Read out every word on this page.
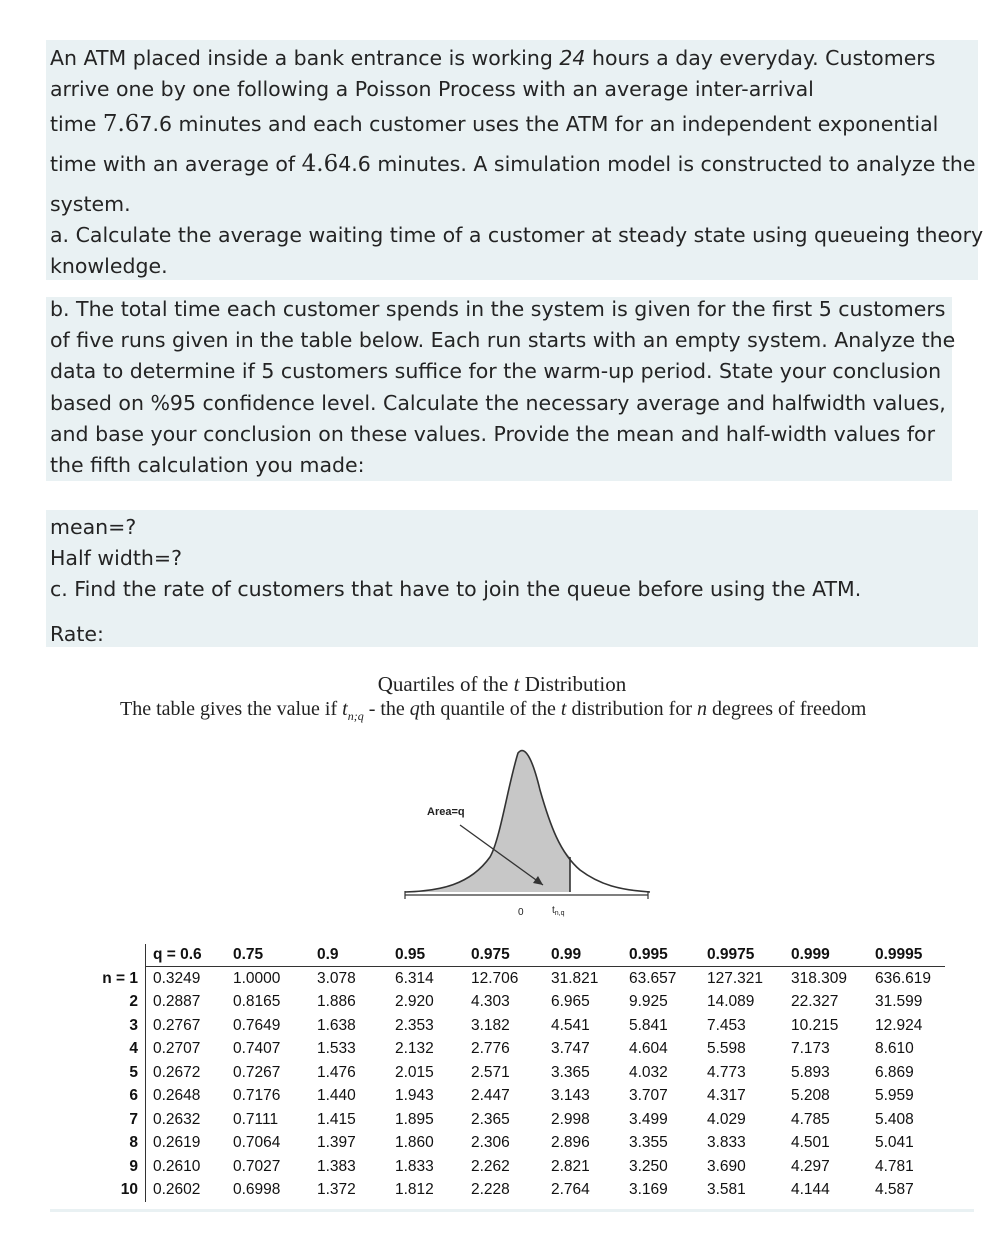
An ATM placed inside a bank entrance is working 24 hours a day everyday. Customers
arrive one by one following a Poisson Process with an average inter-arrival
time 7.67.6 minutes and each customer uses the ATM for an independent exponential
time with an average of 4.64.6 minutes. A simulation model is constructed to analyze the
system.
a. Calculate the average waiting time of a customer at steady state using queueing theory
knowledge.
b. The total time each customer spends in the system is given for the first 5 customers
of five runs given in the table below. Each run starts with an empty system. Analyze the
data to determine if 5 customers suffice for the warm-up period. State your conclusion
based on %95 confidence level. Calculate the necessary average and halfwidth values,
and base your conclusion on these values. Provide the mean and half-width values for
the fifth calculation you made:
mean=?
Half width=?
c. Find the rate of customers that have to join the queue before using the ATM.
Rate:
Quartiles of the t Distribution
The table gives the value if $t_{n;q}$ - the qth quantile of the t distribution for n degrees of freedom
Area=q
0	$t_{n,q}$
	q = 0.6	0.75	0.9	0.95	0.975	0.99	0.995	0.9975	0.999	0.9995
n = 1	0.3249	1.0000	3.078	6.314	12.706	31.821	63.657	127.321	318.309	636.619
2	0.2887	0.8165	1.886	2.920	4.303	6.965	9.925	14.089	22.327	31.599
3	0.2767	0.7649	1.638	2.353	3.182	4.541	5.841	7.453	10.215	12.924
4	0.2707	0.7407	1.533	2.132	2.776	3.747	4.604	5.598	7.173	8.610
5	0.2672	0.7267	1.476	2.015	2.571	3.365	4.032	4.773	5.893	6.869
6	0.2648	0.7176	1.440	1.943	2.447	3.143	3.707	4.317	5.208	5.959
7	0.2632	0.7111	1.415	1.895	2.365	2.998	3.499	4.029	4.785	5.408
8	0.2619	0.7064	1.397	1.860	2.306	2.896	3.355	3.833	4.501	5.041
9	0.2610	0.7027	1.383	1.833	2.262	2.821	3.250	3.690	4.297	4.781
10	0.2602	0.6998	1.372	1.812	2.228	2.764	3.169	3.581	4.144	4.587
